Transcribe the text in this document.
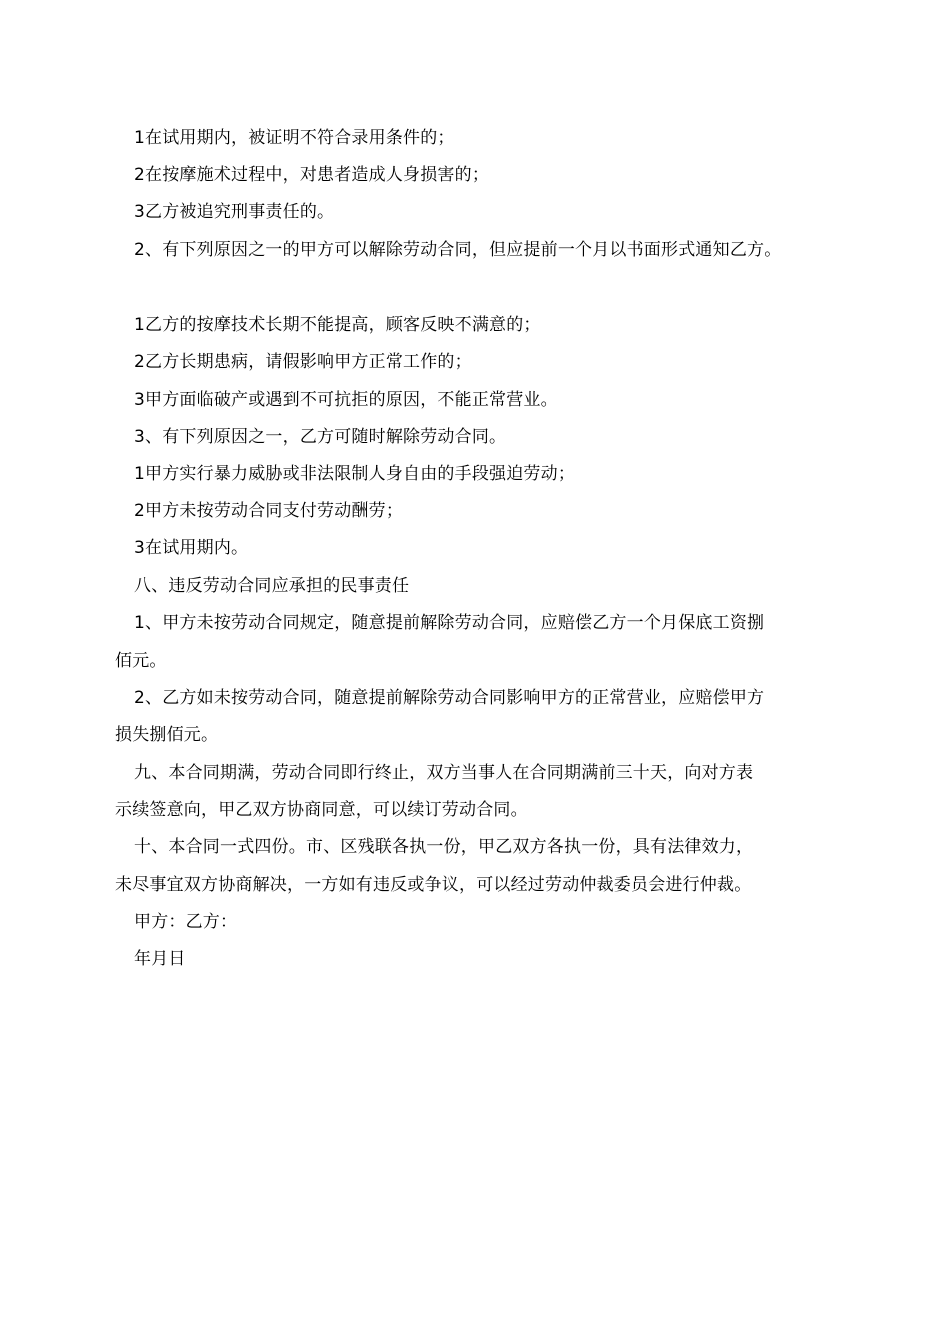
1在试用期内，被证明不符合录用条件的；
2在按摩施术过程中，对患者造成人身损害的；
3乙方被追究刑事责任的。
2、有下列原因之一的甲方可以解除劳动合同，但应提前一个月以书面形式通知乙方。
1乙方的按摩技术长期不能提高，顾客反映不满意的；
2乙方长期患病，请假影响甲方正常工作的；
3甲方面临破产或遇到不可抗拒的原因，不能正常营业。
3、有下列原因之一，乙方可随时解除劳动合同。
1甲方实行暴力威胁或非法限制人身自由的手段强迫劳动；
2甲方未按劳动合同支付劳动酬劳；
3在试用期内。
八、违反劳动合同应承担的民事责任
1、甲方未按劳动合同规定，随意提前解除劳动合同，应赔偿乙方一个月保底工资捌
佰元。
2、乙方如未按劳动合同，随意提前解除劳动合同影响甲方的正常营业，应赔偿甲方
损失捌佰元。
九、本合同期满，劳动合同即行终止，双方当事人在合同期满前三十天，向对方表
示续签意向，甲乙双方协商同意，可以续订劳动合同。
十、本合同一式四份。市、区残联各执一份，甲乙双方各执一份，具有法律效力，
未尽事宜双方协商解决，一方如有违反或争议，可以经过劳动仲裁委员会进行仲裁。
甲方：乙方：
年月日
